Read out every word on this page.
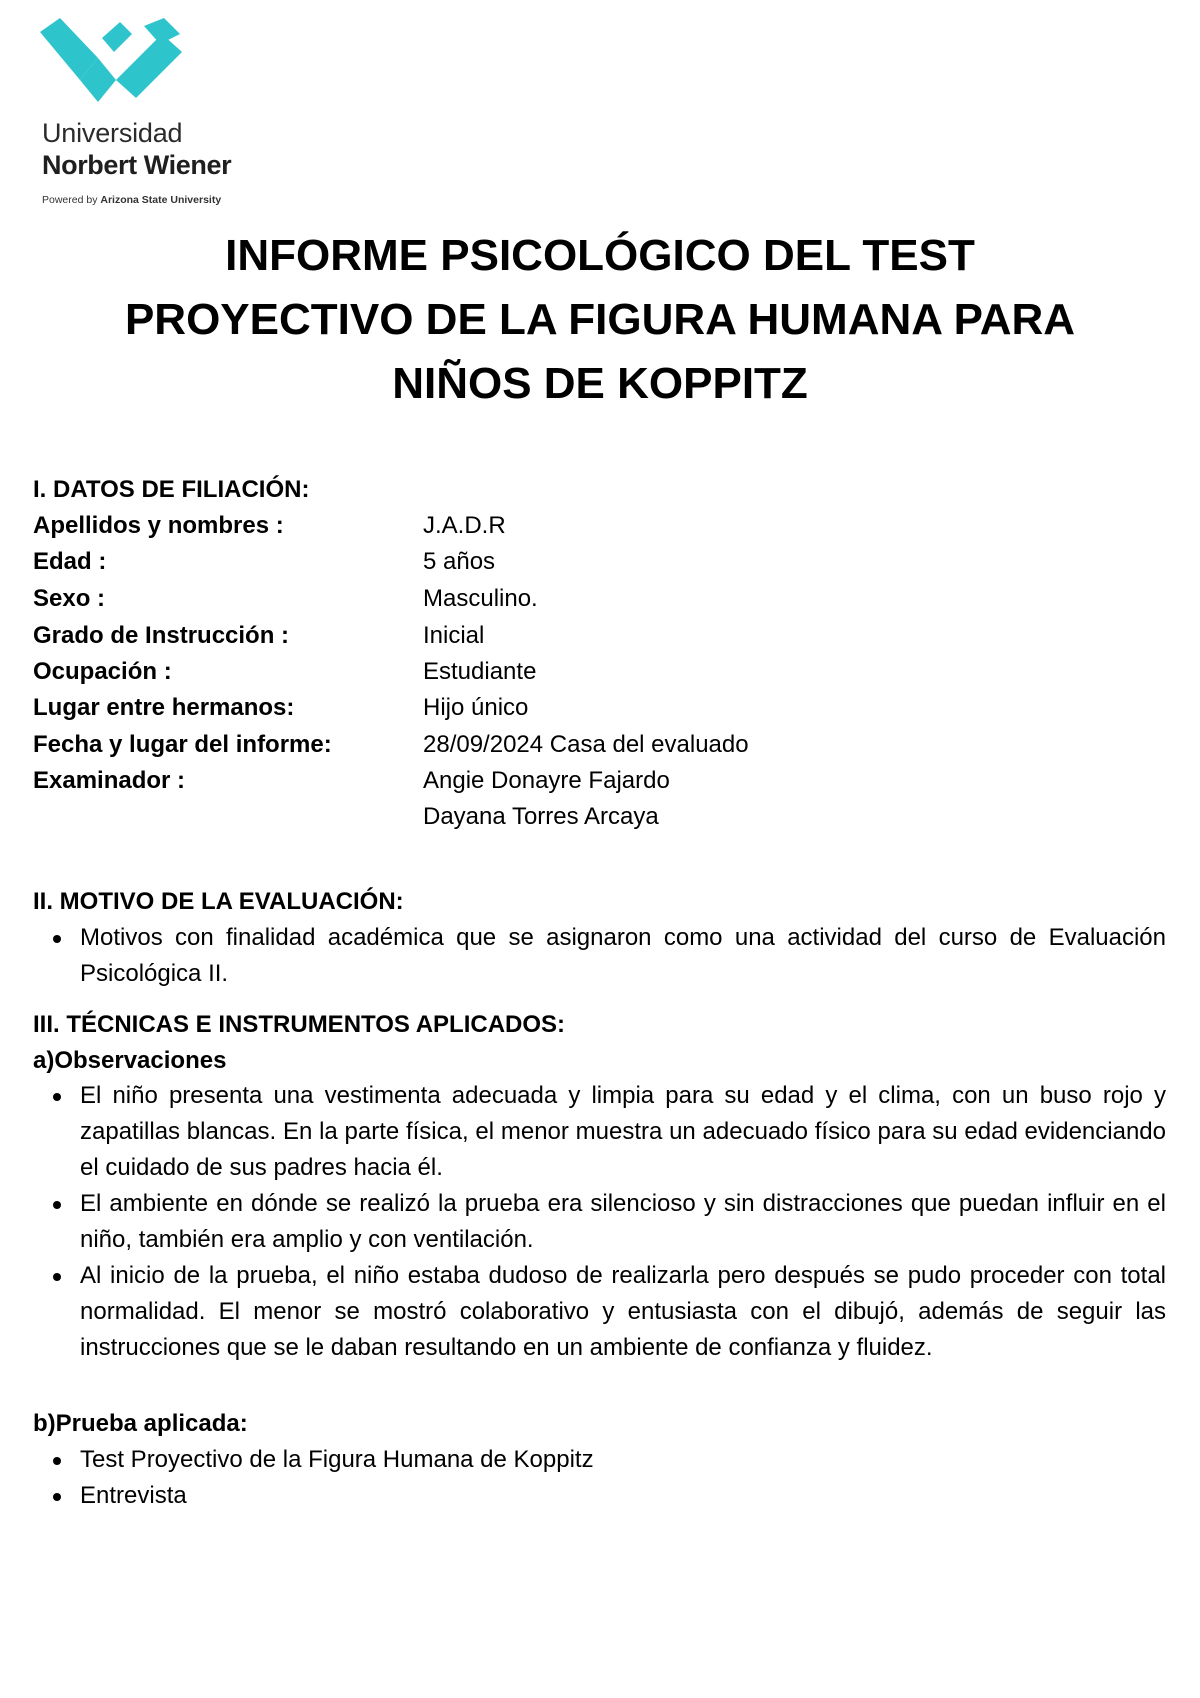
Universidad
Norbert Wiener
Powered by Arizona State University
INFORME PSICOLÓGICO DEL TEST
PROYECTIVO DE LA FIGURA HUMANA PARA
NIÑOS DE KOPPITZ
I. DATOS DE FILIACIÓN:
Apellidos y nombres :	J.A.D.R
Edad :	5 años
Sexo :	Masculino.
Grado de Instrucción :	Inicial
Ocupación :	Estudiante
Lugar entre hermanos:	Hijo único
Fecha y lugar del informe:	28/09/2024 Casa del evaluado
Examinador :	Angie Donayre Fajardo
Dayana Torres Arcaya
II. MOTIVO DE LA EVALUACIÓN:
Motivos con finalidad académica que se asignaron como una actividad del curso de Evaluación Psicológica II.
III. TÉCNICAS E INSTRUMENTOS APLICADOS:
a)Observaciones
El niño presenta una vestimenta adecuada y limpia para su edad y el clima, con un buso rojo y zapatillas blancas. En la parte física, el menor muestra un adecuado físico para su edad evidenciando el cuidado de sus padres hacia él.
El ambiente en dónde se realizó la prueba era silencioso y sin distracciones que puedan influir en el niño, también era amplio y con ventilación.
Al inicio de la prueba, el niño estaba dudoso de realizarla pero después se pudo proceder con total normalidad. El menor se mostró colaborativo y entusiasta con el dibujó, además de seguir las instrucciones que se le daban resultando en un ambiente de confianza y fluidez.
b)Prueba aplicada:
Test Proyectivo de la Figura Humana de Koppitz
Entrevista
